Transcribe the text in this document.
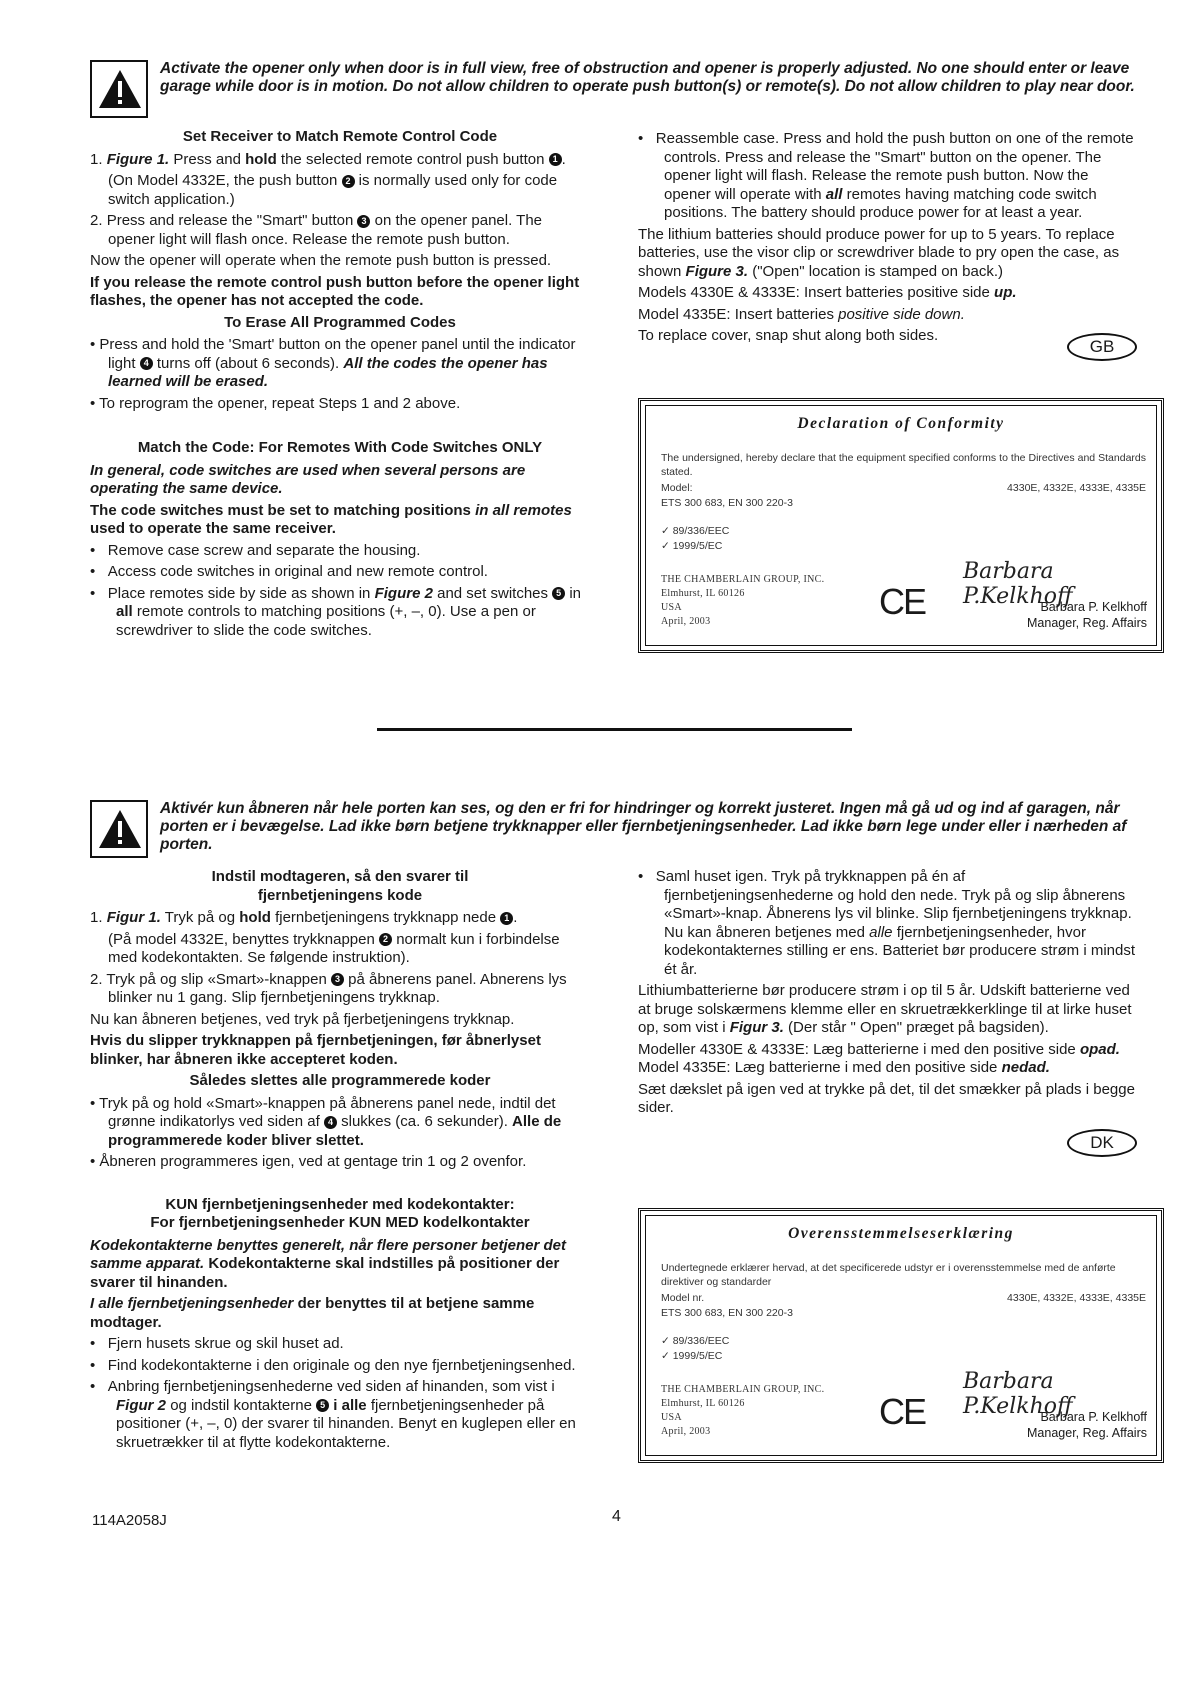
Activate the opener only when door is in full view, free of obstruction and opener is properly adjusted. No one should enter or leave garage while door is in motion. Do not allow children to operate push button(s) or remote(s). Do not allow children to play near door.

Set Receiver to Match Remote Control Code

1. Figure 1. Press and hold the selected remote control push button 1 .

(On Model 4332E, the push button 2 is normally used only for code switch application.)

2. Press and release the "Smart" button 3 on the opener panel. The opener light will flash once. Release the remote push button.

Now the opener will operate when the remote push button is pressed.

If you release the remote control push button before the opener light flashes, the opener has not accepted the code.

To Erase All Programmed Codes

• Press and hold the 'Smart' button on the opener panel until the indicator light 4 turns off (about 6 seconds). All the codes the opener has learned will be erased.

• To reprogram the opener, repeat Steps 1 and 2 above.

Match the Code: For Remotes With Code Switches ONLY

In general, code switches are used when several persons are operating the same device.

The code switches must be set to matching positions in all remotes used to operate the same receiver.

•   Remove case screw and separate the housing.

•   Access code switches in original and new remote control.

•   Place remotes side by side as shown in Figure 2 and set switches 5 in all remote controls to matching positions (+, –, 0). Use a pen or screwdriver to slide the code switches.

•   Reassemble case. Press and hold the push button on one of the remote controls. Press and release the "Smart" button on the opener. The opener light will flash. Release the remote push button. Now the opener will operate with all remotes having matching code switch positions. The battery should produce power for at least a year.

The lithium batteries should produce power for up to 5 years. To replace batteries, use the visor clip or screwdriver blade to pry open the case, as shown Figure 3. ("Open" location is stamped on back.)

Models 4330E & 4333E: Insert batteries positive side up.

Model 4335E: Insert batteries positive side down.

To replace cover, snap shut along both sides.

GB
Declaration of Conformity
The undersigned, hereby declare that the equipment specified conforms to the Directives and Standards stated.
Model:	4330E, 4332E, 4333E, 4335E
ETS 300 683, EN 300 220-3
✓ 89/336/EEC
✓ 1999/5/EC
THE CHAMBERLAIN GROUP, INC.
Elmhurst, IL 60126
USA
April, 2003	CE
Barbara P.Kelkhoff
Barbara P. Kelkhoff
Manager, Reg. Affairs
Aktivér kun åbneren når hele porten kan ses, og den er fri for hindringer og korrekt justeret. Ingen må gå ud og ind af garagen, når porten er i bevægelse. Lad ikke børn betjene trykknapper eller fjernbetjeningsenheder. Lad ikke børn lege under eller i nærheden af porten.

Indstil modtageren, så den svarer til fjernbetjeningens kode

1. Figur 1. Tryk på og hold fjernbetjeningens trykknapp nede 1 .

(På model 4332E, benyttes trykknappen 2 normalt kun i forbindelse med kodekontakten. Se følgende instruktion).

2. Tryk på og slip «Smart»-knappen 3 på åbnerens panel. Abnerens lys blinker nu 1 gang. Slip fjernbetjeningens trykknap.

Nu kan åbneren betjenes, ved tryk på fjerbetjeningens trykknap.

Hvis du slipper trykknappen på fjernbetjeningen, før åbnerlyset blinker, har åbneren ikke accepteret koden.

Således slettes alle programmerede koder

• Tryk på og hold «Smart»-knappen på åbnerens panel nede, indtil det grønne indikatorlys ved siden af 4 slukkes (ca. 6 sekunder). Alle de programmerede koder bliver slettet.

• Åbneren programmeres igen, ved at gentage trin 1 og 2 ovenfor.

KUN fjernbetjeningsenheder med kodekontakter:

For fjernbetjeningsenheder KUN MED kodelkontakter

Kodekontakterne benyttes generelt, når flere personer betjener det samme apparat. Kodekontakterne skal indstilles på positioner der svarer til hinanden.

I alle fjernbetjeningsenheder der benyttes til at betjene samme modtager.

•   Fjern husets skrue og skil huset ad.

•   Find kodekontakterne i den originale og den nye fjernbetjeningsenhed.

•   Anbring fjernbetjeningsenhederne ved siden af hinanden, som vist i Figur 2 og indstil kontakterne 5 i alle fjernbetjeningsenheder på positioner (+, –, 0) der svarer til hinanden. Benyt en kuglepen eller en skruetrækker til at flytte kodekontakterne.

•   Saml huset igen. Tryk på trykknappen på én af fjernbetjeningsenhederne og hold den nede. Tryk på og slip åbnerens «Smart»-knap. Åbnerens lys vil blinke. Slip fjernbetjeningens trykknap. Nu kan åbneren betjenes med alle fjernbetjeningsenheder, hvor kodekontakternes stilling er ens. Batteriet bør producere strøm i mindst ét år.

Lithiumbatterierne bør producere strøm i op til 5 år. Udskift batterierne ved at bruge solskærmens klemme eller en skruetrækkerklinge til at lirke huset op, som vist i Figur 3. (Der står " Open" præget på bagsiden).

Modeller 4330E & 4333E: Læg batterierne i med den positive side opad. Model 4335E: Læg batterierne i med den positive side nedad.

Sæt dækslet på igen ved at trykke på det, til det smækker på plads i begge sider.

DK
Overensstemmelseserklæring
Undertegnede erklærer hervad, at det specificerede udstyr er i overensstemmelse med de anførte direktiver og standarder
Model nr.	4330E, 4332E, 4333E, 4335E
ETS 300 683, EN 300 220-3
✓ 89/336/EEC
✓ 1999/5/EC
THE CHAMBERLAIN GROUP, INC.
Elmhurst, IL 60126
USA
April, 2003	CE
Barbara P.Kelkhoff
Barbara P. Kelkhoff
Manager, Reg. Affairs
114A2058J	4
